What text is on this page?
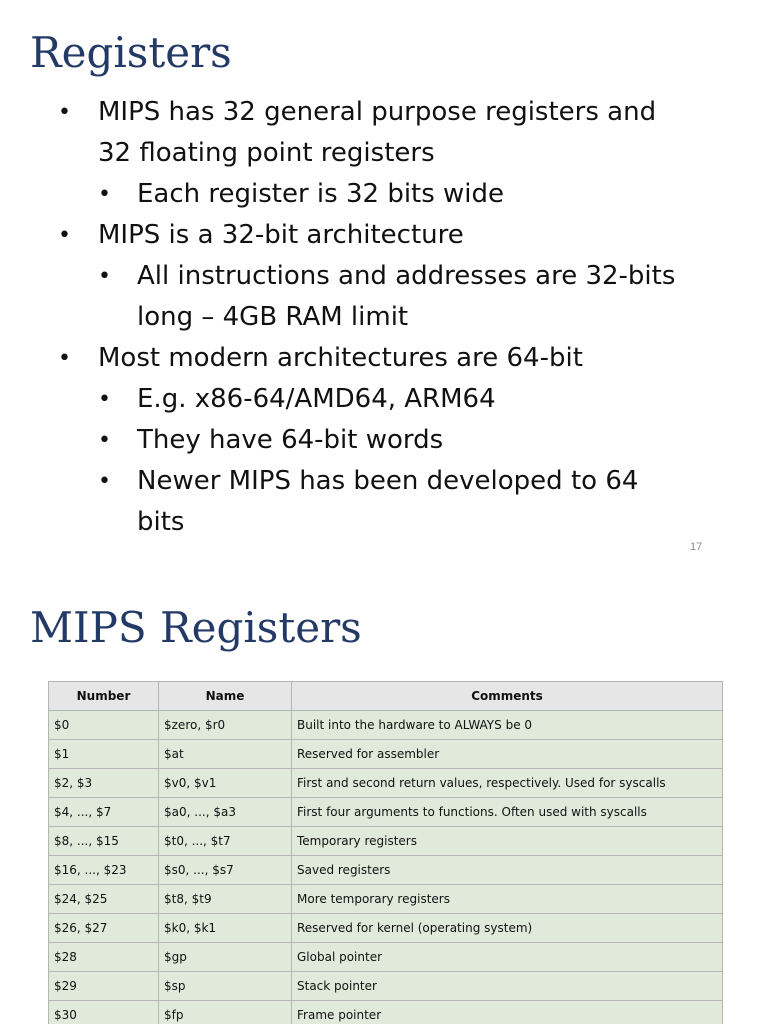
Registers
• MIPS has 32 general purpose registers and
32 floating point registers
• Each register is 32 bits wide
• MIPS is a 32-bit architecture
• All instructions and addresses are 32-bits
long – 4GB RAM limit
• Most modern architectures are 64-bit
• E.g. x86-64/AMD64, ARM64
• They have 64-bit words
• Newer MIPS has been developed to 64
bits
17
MIPS Registers
Number	Name	Comments
$0	$zero, $r0	Built into the hardware to ALWAYS be 0
$1	$at	Reserved for assembler
$2, $3	$v0, $v1	First and second return values, respectively. Used for syscalls
$4, ..., $7	$a0, ..., $a3	First four arguments to functions. Often used with syscalls
$8, ..., $15	$t0, ..., $t7	Temporary registers
$16, ..., $23	$s0, ..., $s7	Saved registers
$24, $25	$t8, $t9	More temporary registers
$26, $27	$k0, $k1	Reserved for kernel (operating system)
$28	$gp	Global pointer
$29	$sp	Stack pointer
$30	$fp	Frame pointer
